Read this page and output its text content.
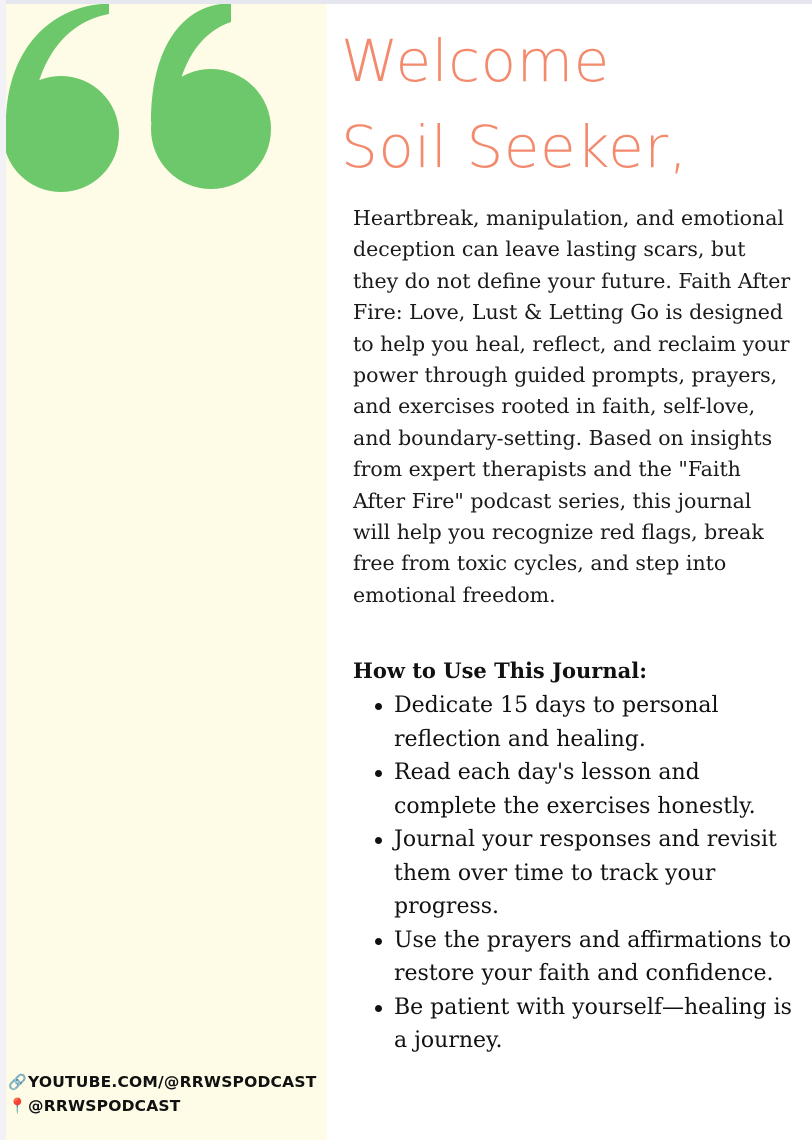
🔗 YOUTUBE.COM/@RRWSPODCAST
📍 @RRWSPODCAST
Welcome
Soil Seeker,

Heartbreak, manipulation, and emotional deception can leave lasting scars, but they do not define your future. Faith After Fire: Love, Lust & Letting Go is designed to help you heal, reflect, and reclaim your power through guided prompts, prayers, and exercises rooted in faith, self-love, and boundary-setting. Based on insights from expert therapists and the "Faith After Fire" podcast series, this journal will help you recognize red flags, break free from toxic cycles, and step into emotional freedom.

How to Use This Journal:
Dedicate 15 days to personal reflection and healing.
Read each day's lesson and complete the exercises honestly.
Journal your responses and revisit them over time to track your progress.
Use the prayers and affirmations to restore your faith and confidence.
Be patient with yourself—healing is a journey.
